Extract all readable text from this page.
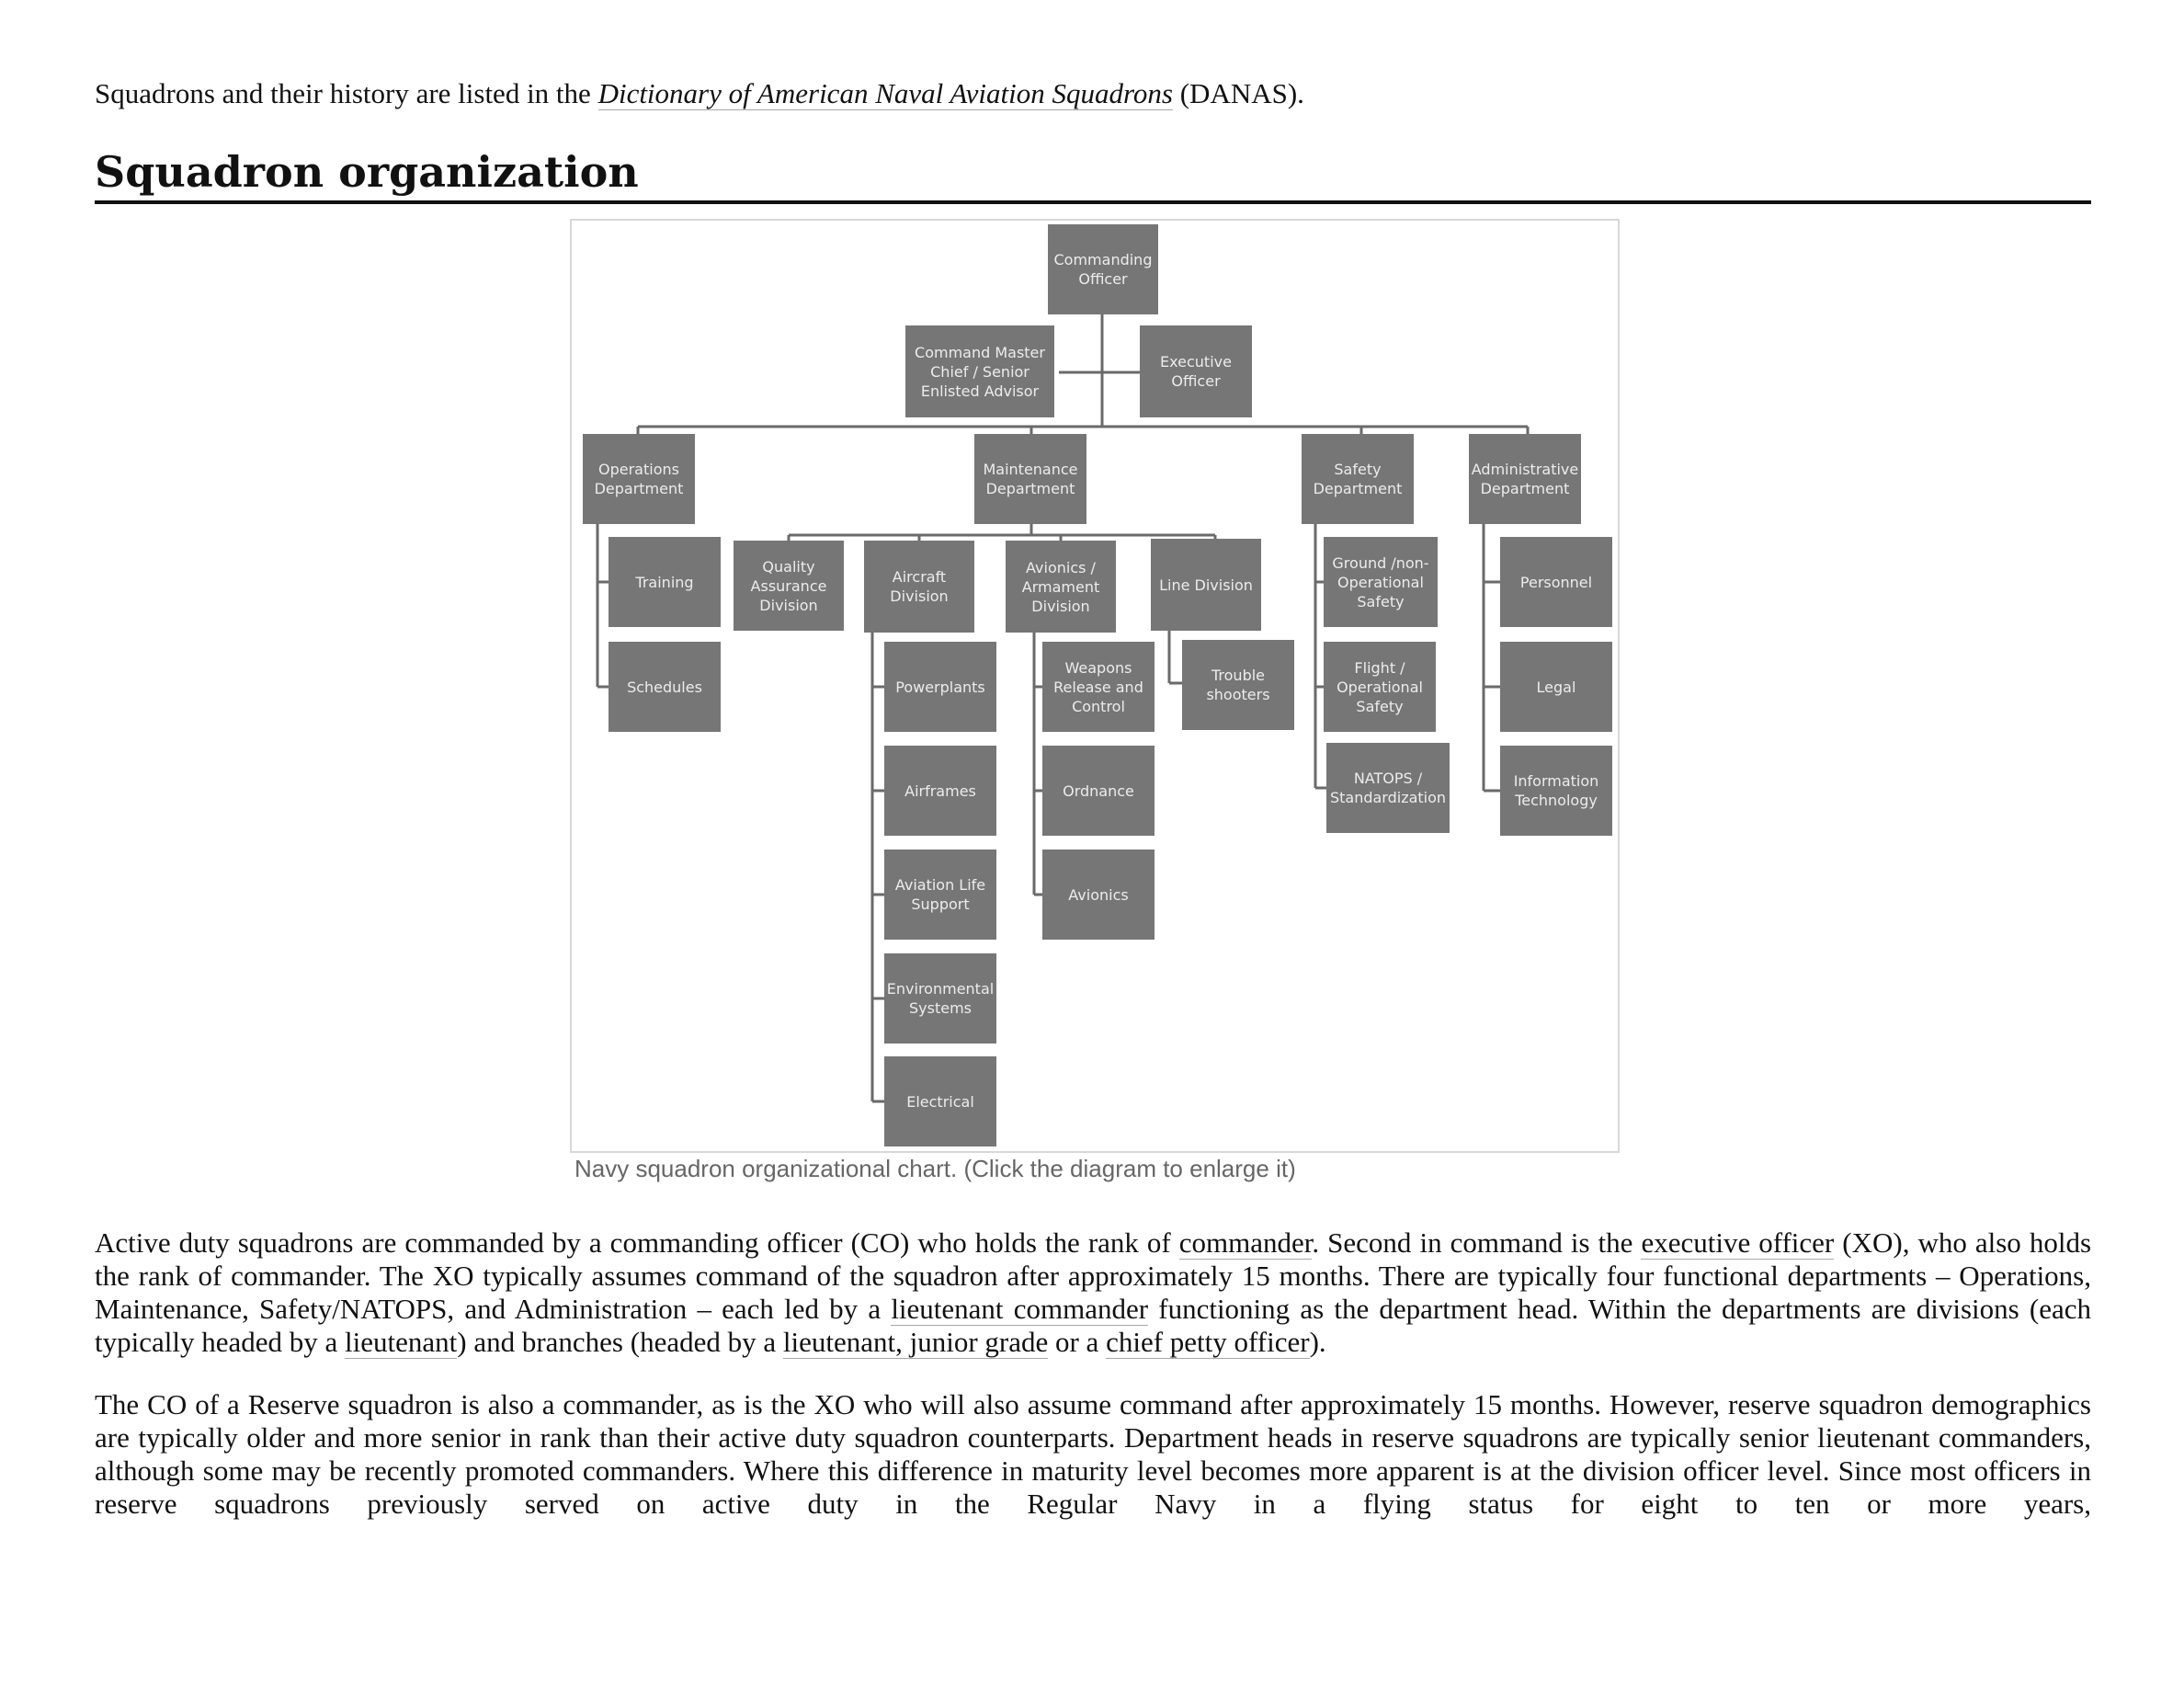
Squadrons and their history are listed in the Dictionary of American Naval Aviation Squadrons (DANAS).

Squadron organization
Commanding
Officer
Command Master
Chief / Senior
Enlisted Advisor
Executive
Officer
Operations
Department
Maintenance
Department
Safety
Department
Administrative
Department
Training
Schedules
Quality
Assurance
Division
Aircraft
Division
Avionics /
Armament
Division
Line Division
Powerplants
Airframes
Aviation Life
Support
Environmental
Systems
Electrical
Weapons
Release and
Control
Ordnance
Avionics
Trouble
shooters
Ground /non-
Operational
Safety
Flight /
Operational
Safety
NATOPS /
Standardization
Personnel
Legal
Information
Technology

Navy squadron organizational chart. (Click the diagram to enlarge it)

Active duty squadrons are commanded by a commanding officer (CO) who holds the rank of commander. Second in command is the executive officer (XO), who also holds the rank of commander. The XO typically assumes command of the squadron after approximately 15 months. There are typically four functional departments – Operations, Maintenance, Safety/NATOPS, and Administration – each led by a lieutenant commander functioning as the department head. Within the departments are divisions (each typically headed by a lieutenant) and branches (headed by a lieutenant, junior grade or a chief petty officer).

The CO of a Reserve squadron is also a commander, as is the XO who will also assume command after approximately 15 months. However, reserve squadron demographics are typically older and more senior in rank than their active duty squadron counterparts. Department heads in reserve squadrons are typically senior lieutenant commanders, although some may be recently promoted commanders. Where this difference in maturity level becomes more apparent is at the division officer level. Since most officers in reserve squadrons previously served on active duty in the Regular Navy in a flying status for eight to ten or more years,
